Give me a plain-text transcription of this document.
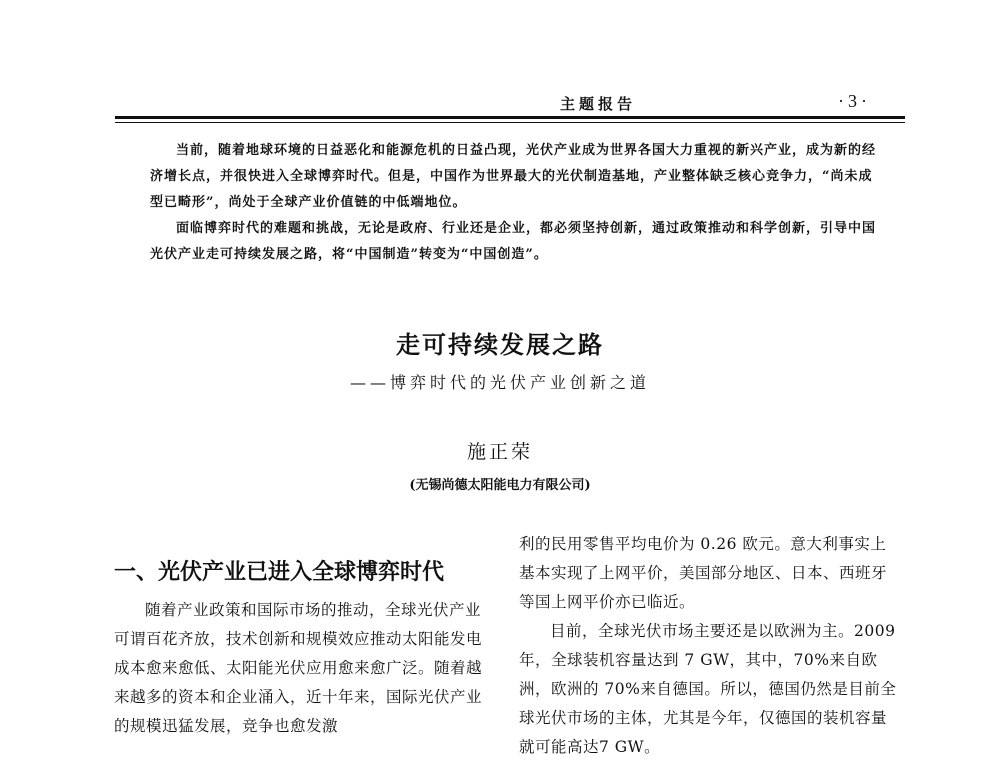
主题报告	·3·

当前，随着地球环境的日益恶化和能源危机的日益凸现，光伏产业成为世界各国大力重视的新兴产业，成为新的经济增长点，并很快进入全球博弈时代。但是，中国作为世界最大的光伏制造基地，产业整体缺乏核心竞争力，“尚未成型已畸形”，尚处于全球产业价值链的中低端地位。

面临博弈时代的难题和挑战，无论是政府、行业还是企业，都必须坚持创新，通过政策推动和科学创新，引导中国光伏产业走可持续发展之路，将“中国制造”转变为“中国创造”。

走可持续发展之路
——博弈时代的光伏产业创新之道
施正荣
(无锡尚德太阳能电力有限公司)
一、光伏产业已进入全球博弈时代

随着产业政策和国际市场的推动，全球光伏产业可谓百花齐放，技术创新和规模效应推动太阳能发电成本愈来愈低、太阳能光伏应用愈来愈广泛。随着越来越多的资本和企业涌入，近十年来，国际光伏产业的规模迅猛发展，竞争也愈发激

利的民用零售平均电价为 0.26 欧元。意大利事实上基本实现了上网平价，美国部分地区、日本、西班牙等国上网平价亦已临近。

目前，全球光伏市场主要还是以欧洲为主。2009 年，全球装机容量达到 7 GW，其中，70%来自欧洲，欧洲的 70%来自德国。所以，德国仍然是目前全球光伏市场的主体，尤其是今年，仅德国的装机容量就可能高达7 GW。
